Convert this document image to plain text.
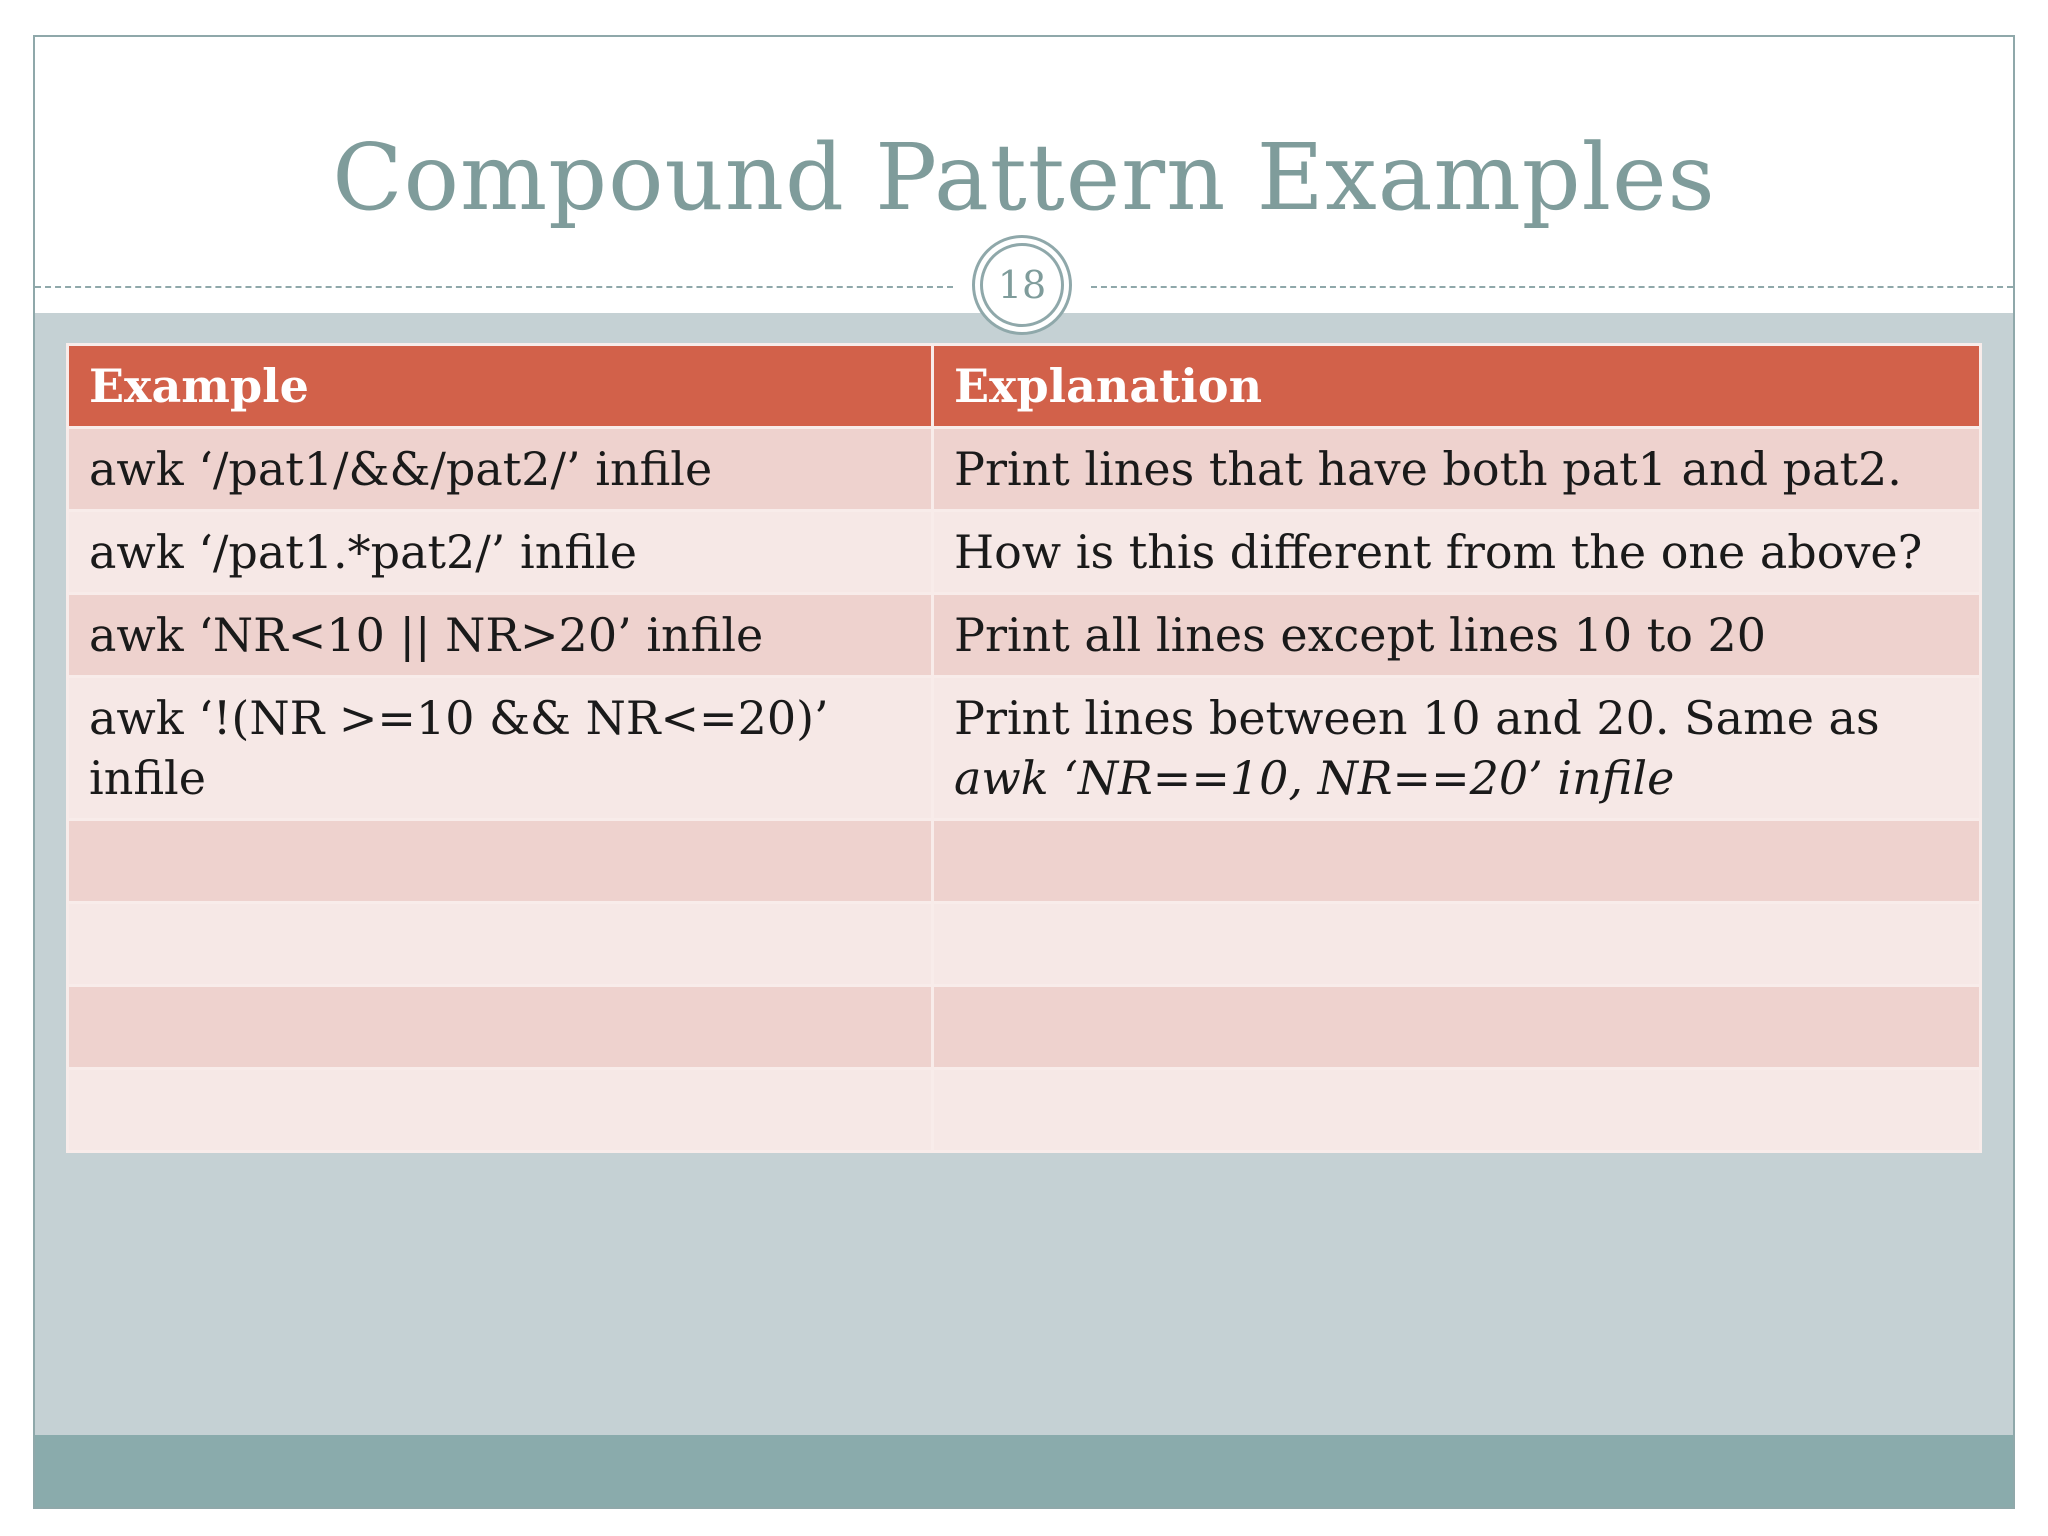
Compound Pattern Examples
18
Example	Explanation
awk ‘/pat1/&&/pat2/’ infile	Print lines that have both pat1 and pat2.
awk ‘/pat1.*pat2/’ infile	How is this different from the one above?
awk ‘NR<10 || NR>20’ infile	Print all lines except lines 10 to 20
awk ‘!(NR >=10 && NR<=20)’ infile	Print lines between 10 and 20. Same as awk ‘NR==10, NR==20’ infile
